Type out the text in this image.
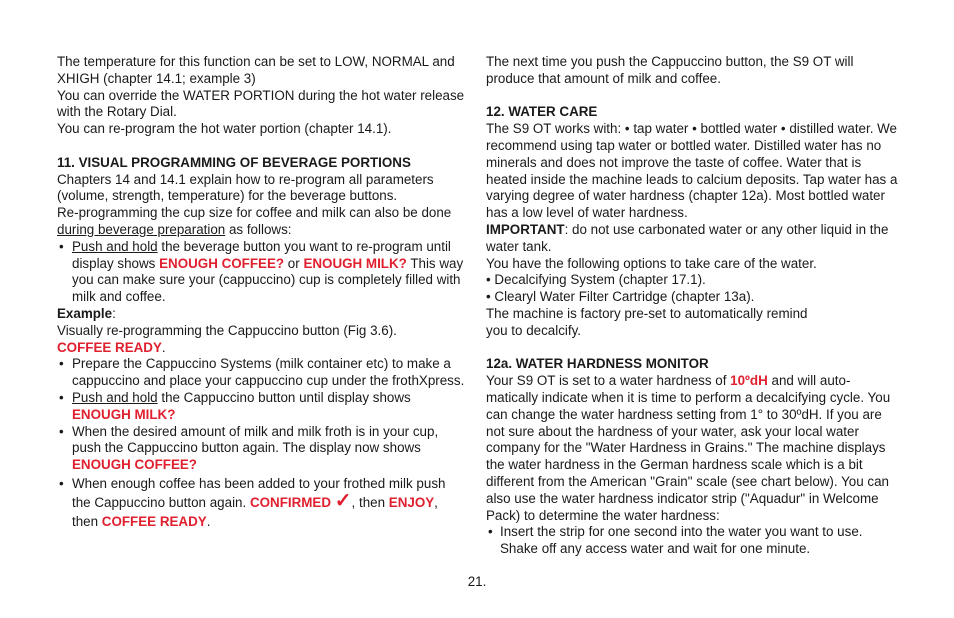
The temperature for this function can be set to LOW, NORMAL and XHIGH (chapter 14.1; example 3)

You can override the WATER PORTION during the hot water release with the Rotary Dial.

You can re-program the hot water portion (chapter 14.1).

11. VISUAL PROGRAMMING OF BEVERAGE PORTIONS

Chapters 14 and 14.1 explain how to re-program all parameters (volume, strength, temperature) for the beverage buttons.

Re-programming the cup size for coffee and milk can also be done during beverage preparation as follows:

• Push and hold the beverage button you want to re-program until display shows ENOUGH COFFEE? or ENOUGH MILK? This way you can make sure your (cappuccino) cup is completely filled with milk and coffee.

Example:

Visually re-programming the Cappuccino button (Fig 3.6).

COFFEE READY.

• Prepare the Cappuccino Systems (milk container etc) to make a cappuccino and place your cappuccino cup under the frothXpress.

• Push and hold the Cappuccino button until display shows ENOUGH MILK?

• When the desired amount of milk and milk froth is in your cup, push the Cappuccino button again. The display now shows ENOUGH COFFEE?

• When enough coffee has been added to your frothed milk push the Cappuccino button again. CONFIRMED ✓, then ENJOY, then COFFEE READY.

The next time you push the Cappuccino button, the S9 OT will produce that amount of milk and coffee.

12. WATER CARE

The S9 OT works with: • tap water • bottled water • distilled water. We recommend using tap water or bottled water. Distilled water has no minerals and does not improve the taste of coffee. Water that is heated inside the machine leads to calcium deposits. Tap water has a varying degree of water hardness (chapter 12a). Most bottled water has a low level of water hardness.

IMPORTANT: do not use carbonated water or any other liquid in the water tank.

You have the following options to take care of the water.

• Decalcifying System (chapter 17.1).

• Clearyl Water Filter Cartridge (chapter 13a).

The machine is factory pre-set to automatically remind

you to decalcify.

12a. WATER HARDNESS MONITOR

Your S9 OT is set to a water hardness of 10ºdH and will auto-matically indicate when it is time to perform a decalcifying cycle. You can change the water hardness setting from 1° to 30ºdH. If you are not sure about the hardness of your water, ask your local water company for the "Water Hardness in Grains." The machine displays the water hardness in the German hardness scale which is a bit different from the American "Grain" scale (see chart below). You can also use the water hardness indicator strip ("Aquadur" in Welcome Pack) to determine the water hardness:

• Insert the strip for one second into the water you want to use. Shake off any access water and wait for one minute.

21.
